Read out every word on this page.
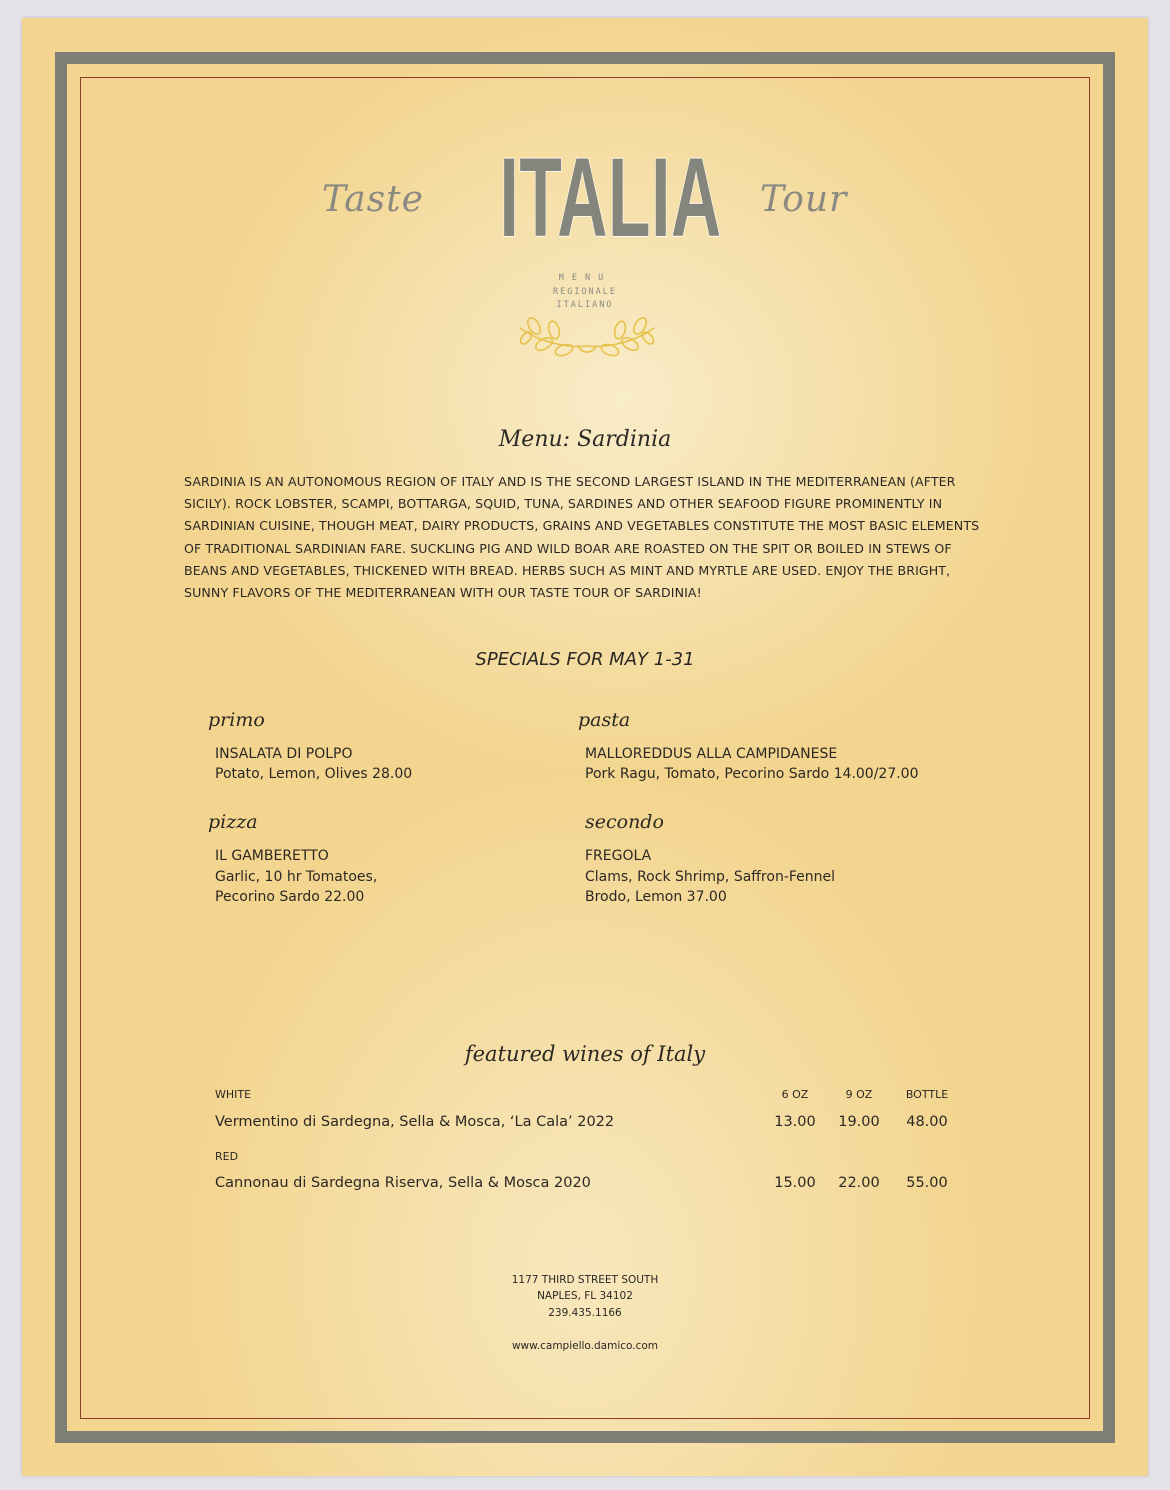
Taste ITALIA Tour
MENU
REGIONALE
ITALIANO
Menu: Sardinia
SARDINIA IS AN AUTONOMOUS REGION OF ITALY AND IS THE SECOND LARGEST ISLAND IN THE MEDITERRANEAN (AFTER SICILY). ROCK LOBSTER, SCAMPI, BOTTARGA, SQUID, TUNA, SARDINES AND OTHER SEAFOOD FIGURE PROMINENTLY IN SARDINIAN CUISINE, THOUGH MEAT, DAIRY PRODUCTS, GRAINS AND VEGETABLES CONSTITUTE THE MOST BASIC ELEMENTS OF TRADITIONAL SARDINIAN FARE. SUCKLING PIG AND WILD BOAR ARE ROASTED ON THE SPIT OR BOILED IN STEWS OF BEANS AND VEGETABLES, THICKENED WITH BREAD. HERBS SUCH AS MINT AND MYRTLE ARE USED. ENJOY THE BRIGHT, SUNNY FLAVORS OF THE MEDITERRANEAN WITH OUR TASTE TOUR OF SARDINIA!
SPECIALS FOR MAY 1-31
primo
INSALATA DI POLPO
Potato, Lemon, Olives 28.00
pasta
MALLOREDDUS ALLA CAMPIDANESE
Pork Ragu, Tomato, Pecorino Sardo 14.00/27.00
pizza
IL GAMBERETTO
Garlic, 10 hr Tomatoes,
Pecorino Sardo 22.00
secondo
FREGOLA
Clams, Rock Shrimp, Saffron-Fennel
Brodo, Lemon 37.00
featured wines of Italy
WHITE	6 OZ	9 OZ	BOTTLE
Vermentino di Sardegna, Sella & Mosca, ‘La Cala’ 2022	13.00	19.00	48.00
RED
Cannonau di Sardegna Riserva, Sella & Mosca 2020	15.00	22.00	55.00
1177 THIRD STREET SOUTH
NAPLES, FL 34102
239.435.1166
www.campiello.damico.com
